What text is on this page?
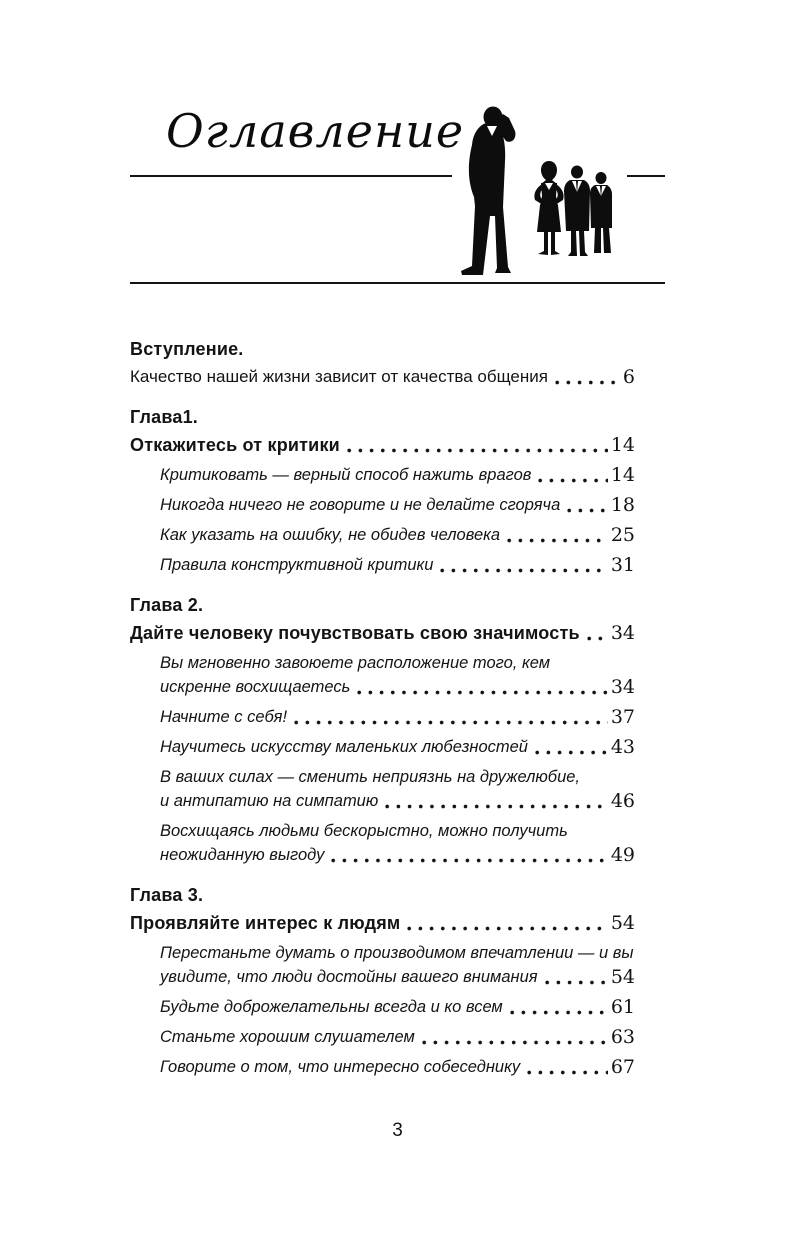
Оглавление
Вступление.
Качество нашей жизни зависит от качества общения	6
Глава1.
Откажитесь от критики	14
Критиковать — верный способ нажить врагов	14
Никогда ничего не говорите и не делайте сгоряча	18
Как указать на ошибку, не обидев человека	25
Правила конструктивной критики	31
Глава 2.
Дайте человеку почувствовать свою значимость 34
Вы мгновенно завоюете расположение того, кем
искренне восхищаетесь	34
Начните с себя!	37
Научитесь искусству маленьких любезностей	43
В ваших силах — сменить неприязнь на дружелюбие,
и антипатию на симпатию	46
Восхищаясь людьми бескорыстно, можно получить
неожиданную выгоду	49
Глава 3.
Проявляйте интерес к людям	54
Перестаньте думать о производимом впечатлении — и вы
увидите, что люди достойны вашего внимания	54
Будьте доброжелательны всегда и ко всем	61
Станьте хорошим слушателем	63
Говорите о том, что интересно собеседнику	67
3
